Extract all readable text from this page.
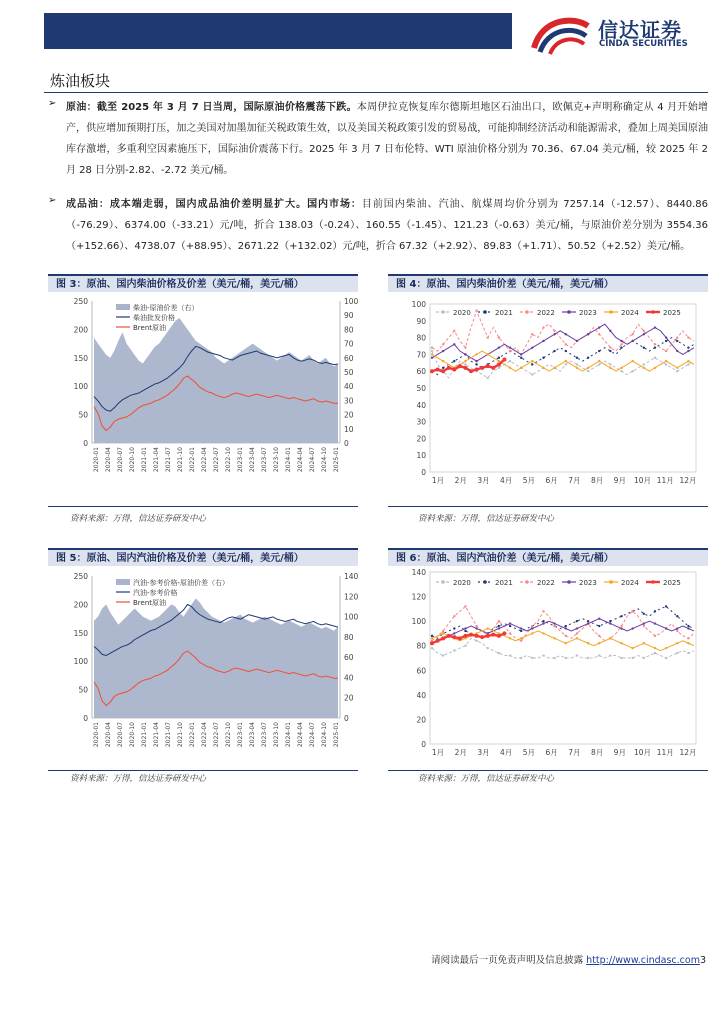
信达证券
CINDA SECURITIES
炼油板块
➢ 原油：截至 2025 年 3 月 7 日当周，国际原油价格震荡下跌。本周伊拉克恢复库尔德斯坦地区石油出口，欧佩克+声明称确定从 4 月开始增产，供应增加预期打压，加之美国对加墨加征关税政策生效，以及美国关税政策引发的贸易战，可能抑制经济活动和能源需求，叠加上周美国原油库存激增，多重利空因素施压下，国际油价震荡下行。2025 年 3 月 7 日布伦特、WTI 原油价格分别为 70.36、67.04 美元/桶，较 2025 年 2 月 28 日分别-2.82、-2.72 美元/桶。
➢ 成品油：成本端走弱，国内成品油价差明显扩大。国内市场：目前国内柴油、汽油、航煤周均价分别为 7257.14（-12.57）、8440.86（-76.29）、6374.00（-33.21）元/吨，折合 138.03（-0.24）、160.55（-1.45）、121.23（-0.63）美元/桶，与原油价差分别为 3554.36（+152.66）、4738.07（+88.95）、2671.22（+132.02）元/吨，折合 67.32（+2.92）、89.83（+1.71）、50.52（+2.52）美元/桶。
图 3：原油、国内柴油价格及价差（美元/桶，美元/桶）
0
50
100
150
200
250
0
10
20
30
40
50
60
70
80
90
100
2020-01 2020-04 2020-07 2020-10 2021-01 2021-04 2021-07 2021-10 2022-01 2022-04 2022-07 2022-10 2023-01 2023-04 2023-07 2023-10 2024-01 2024-04 2024-07 2024-10 2025-01
柴油-原油价差（右）
柴油批发价格
Brent原油
资料来源：万得，信达证券研发中心
图 4：原油、国内柴油价差（美元/桶，美元/桶）
0
10
20
30
40
50
60
70
80
90
100
1月 2月 3月 4月 5月 6月 7月 8月 9月 10月 11月 12月
2020	2021	2022	2023	2024	2025
资料来源：万得，信达证券研发中心
图 5：原油、国内汽油价格及价差（美元/桶，美元/桶）
0
50
100
150
200
250
0
20
40
60
80
100
120
140
2020-01 2020-04 2020-07 2020-10 2021-01 2021-04 2021-07 2021-10 2022-01 2022-04 2022-07 2022-10 2023-01 2023-04 2023-07 2023-10 2024-01 2024-04 2024-07 2024-10 2025-01
汽油-参考价格-原油价差（右）
汽油-参考价格
Brent原油
资料来源：万得，信达证券研发中心
图 6：原油、国内汽油价差（美元/桶，美元/桶）
0
20
40
60
80
100
120
140
1月 2月 3月 4月 5月 6月 7月 8月 9月 10月 11月 12月
2020	2021	2022	2023	2024	2025
资料来源：万得，信达证券研发中心
请阅读最后一页免责声明及信息披露 http://www.cindasc.com3
